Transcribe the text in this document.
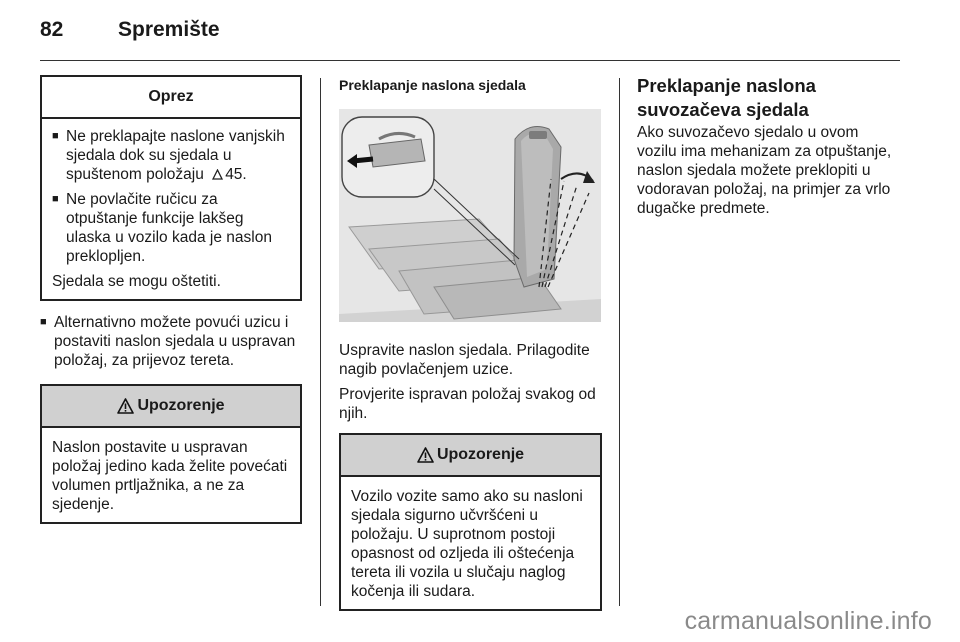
82	Spremište
Oprez
■ Ne preklapajte naslone vanjskih sjedala dok su sjedala u spuštenom položaju 45.
■ Ne povlačite ručicu za otpuštanje funkcije lakšeg ulaska u vozilo kada je naslon preklopljen.
Sjedala se mogu oštetiti.
■ Alternativno možete povući uzicu i postaviti naslon sjedala u uspravan položaj, za prijevoz tereta.
Upozorenje
Naslon postavite u uspravan položaj jedino kada želite povećati volumen prtljažnika, a ne za sjedenje.
Preklapanje naslona sjedala
Uspravite naslon sjedala. Prilagodite nagib povlačenjem uzice.
Provjerite ispravan položaj svakog od njih.
Upozorenje
Vozilo vozite samo ako su nasloni sjedala sigurno učvršćeni u položaju. U suprotnom postoji opasnost od ozljeda ili oštećenja tereta ili vozila u slučaju naglog kočenja ili sudara.
Preklapanje naslona
suvozačeva sjedala
Ako suvozačevo sjedalo u ovom vozilu ima mehanizam za otpuštanje, naslon sjedala možete preklopiti u vodoravan položaj, na primjer za vrlo dugačke predmete.
carmanualsonline.info
